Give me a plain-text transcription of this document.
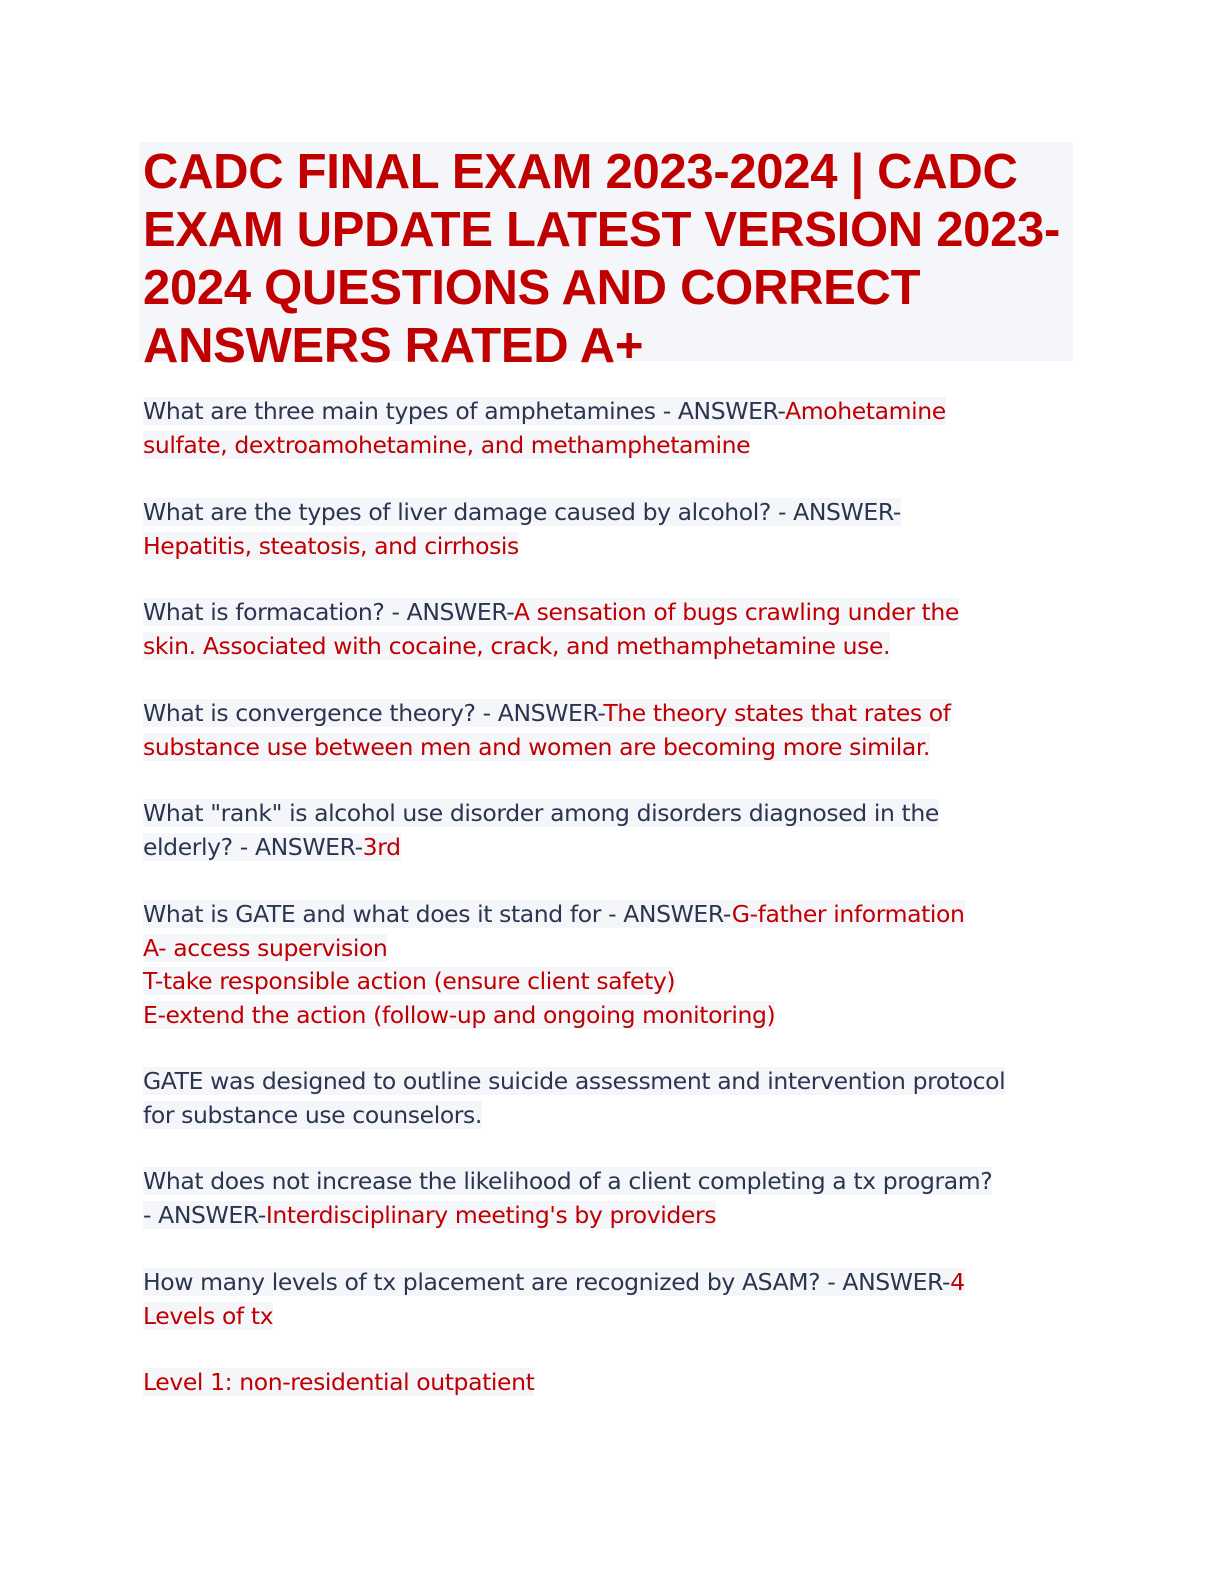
CADC FINAL EXAM 2023-2024 | CADC
EXAM UPDATE LATEST VERSION 2023-
2024 QUESTIONS AND CORRECT
ANSWERS RATED A+
What are three main types of amphetamines - ANSWER-Amohetamine
sulfate, dextroamohetamine, and methamphetamine
What are the types of liver damage caused by alcohol? - ANSWER-
Hepatitis, steatosis, and cirrhosis
What is formacation? - ANSWER-A sensation of bugs crawling under the
skin. Associated with cocaine, crack, and methamphetamine use.
What is convergence theory? - ANSWER-The theory states that rates of
substance use between men and women are becoming more similar.
What "rank" is alcohol use disorder among disorders diagnosed in the
elderly? - ANSWER-3rd
What is GATE and what does it stand for - ANSWER-G-father information
A- access supervision
T-take responsible action (ensure client safety)
E-extend the action (follow-up and ongoing monitoring)
GATE was designed to outline suicide assessment and intervention protocol
for substance use counselors.
What does not increase the likelihood of a client completing a tx program?
- ANSWER-Interdisciplinary meeting's by providers
How many levels of tx placement are recognized by ASAM? - ANSWER-4
Levels of tx
Level 1: non-residential outpatient
